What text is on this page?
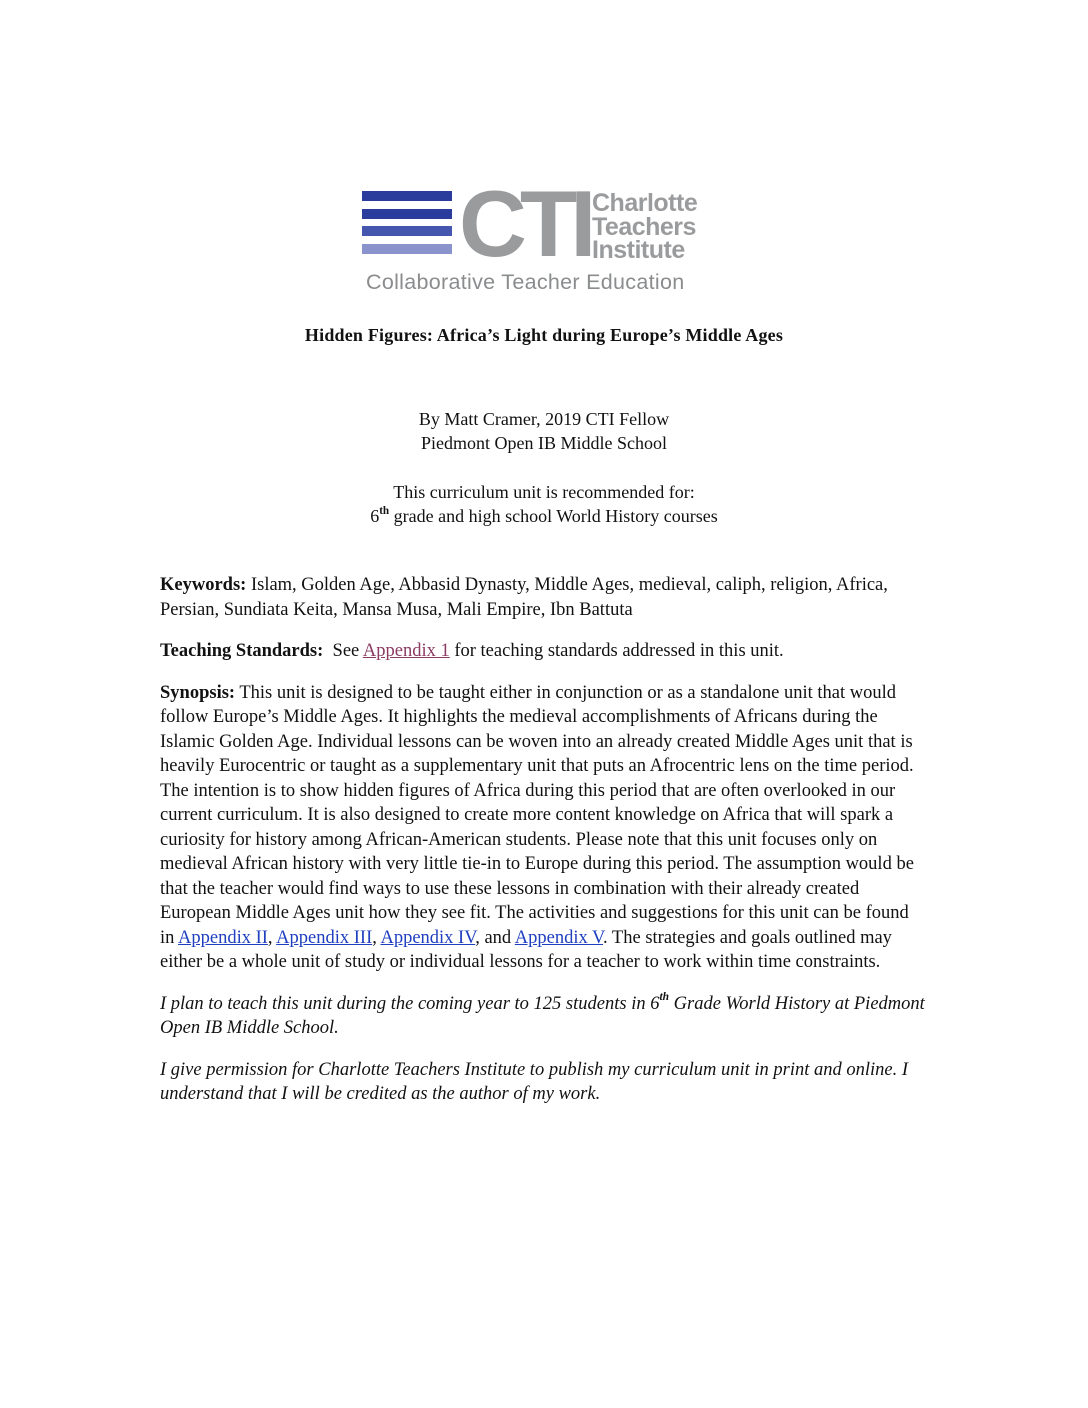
CTI Charlotte
Teachers
Institute
Collaborative Teacher Education
Hidden Figures: Africa’s Light during Europe’s Middle Ages
By Matt Cramer, 2019 CTI Fellow
Piedmont Open IB Middle School
This curriculum unit is recommended for:
6th grade and high school World History courses

Keywords: Islam, Golden Age, Abbasid Dynasty, Middle Ages, medieval, caliph, religion, Africa, Persian, Sundiata Keita, Mansa Musa, Mali Empire, Ibn Battuta

Teaching Standards:  See Appendix 1 for teaching standards addressed in this unit.

Synopsis: This unit is designed to be taught either in conjunction or as a standalone unit that would follow Europe’s Middle Ages. It highlights the medieval accomplishments of Africans during the Islamic Golden Age. Individual lessons can be woven into an already created Middle Ages unit that is heavily Eurocentric or taught as a supplementary unit that puts an Afrocentric lens on the time period. The intention is to show hidden figures of Africa during this period that are often overlooked in our current curriculum. It is also designed to create more content knowledge on Africa that will spark a curiosity for history among African-American students. Please note that this unit focuses only on medieval African history with very little tie-in to Europe during this period. The assumption would be that the teacher would find ways to use these lessons in combination with their already created European Middle Ages unit how they see fit. The activities and suggestions for this unit can be found in Appendix II, Appendix III, Appendix IV, and Appendix V. The strategies and goals outlined may either be a whole unit of study or individual lessons for a teacher to work within time constraints.

I plan to teach this unit during the coming year to 125 students in 6th Grade World History at Piedmont Open IB Middle School.

I give permission for Charlotte Teachers Institute to publish my curriculum unit in print and online. I understand that I will be credited as the author of my work.
